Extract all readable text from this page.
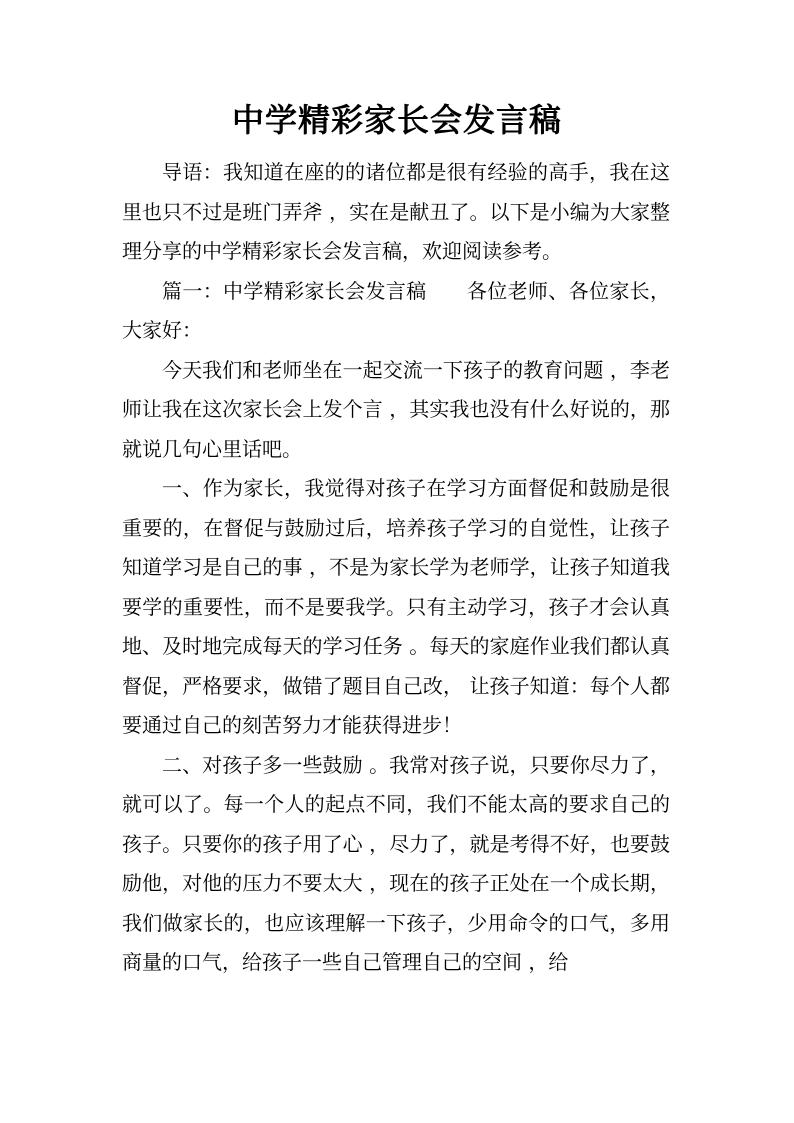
中学精彩家长会发言稿

导语：我知道在座的的诸位都是很有经验的高手，我在这里也只不过是班门弄斧 ，实在是献丑了。以下是小编为大家整理分享的中学精彩家长会发言稿，欢迎阅读参考。

篇一：中学精彩家长会发言稿 各位老师、各位家长，大家好：

今天我们和老师坐在一起交流一下孩子的教育问题 ，李老师让我在这次家长会上发个言 ，其实我也没有什么好说的，那就说几句心里话吧。

一、作为家长，我觉得对孩子在学习方面督促和鼓励是很重要的，在督促与鼓励过后，培养孩子学习的自觉性，让孩子知道学习是自己的事 ，不是为家长学为老师学，让孩子知道我要学的重要性，而不是要我学。只有主动学习，孩子才会认真地、及时地完成每天的学习任务 。每天的家庭作业我们都认真督促，严格要求，做错了题目自己改， 让孩子知道：每个人都要通过自己的刻苦努力才能获得进步！

二、对孩子多一些鼓励 。我常对孩子说，只要你尽力了，就可以了。每一个人的起点不同，我们不能太高的要求自己的孩子。只要你的孩子用了心 ，尽力了，就是考得不好，也要鼓励他，对他的压力不要太大 ，现在的孩子正处在一个成长期，我们做家长的，也应该理解一下孩子，少用命令的口气，多用商量的口气，给孩子一些自己管理自己的空间 ，给
